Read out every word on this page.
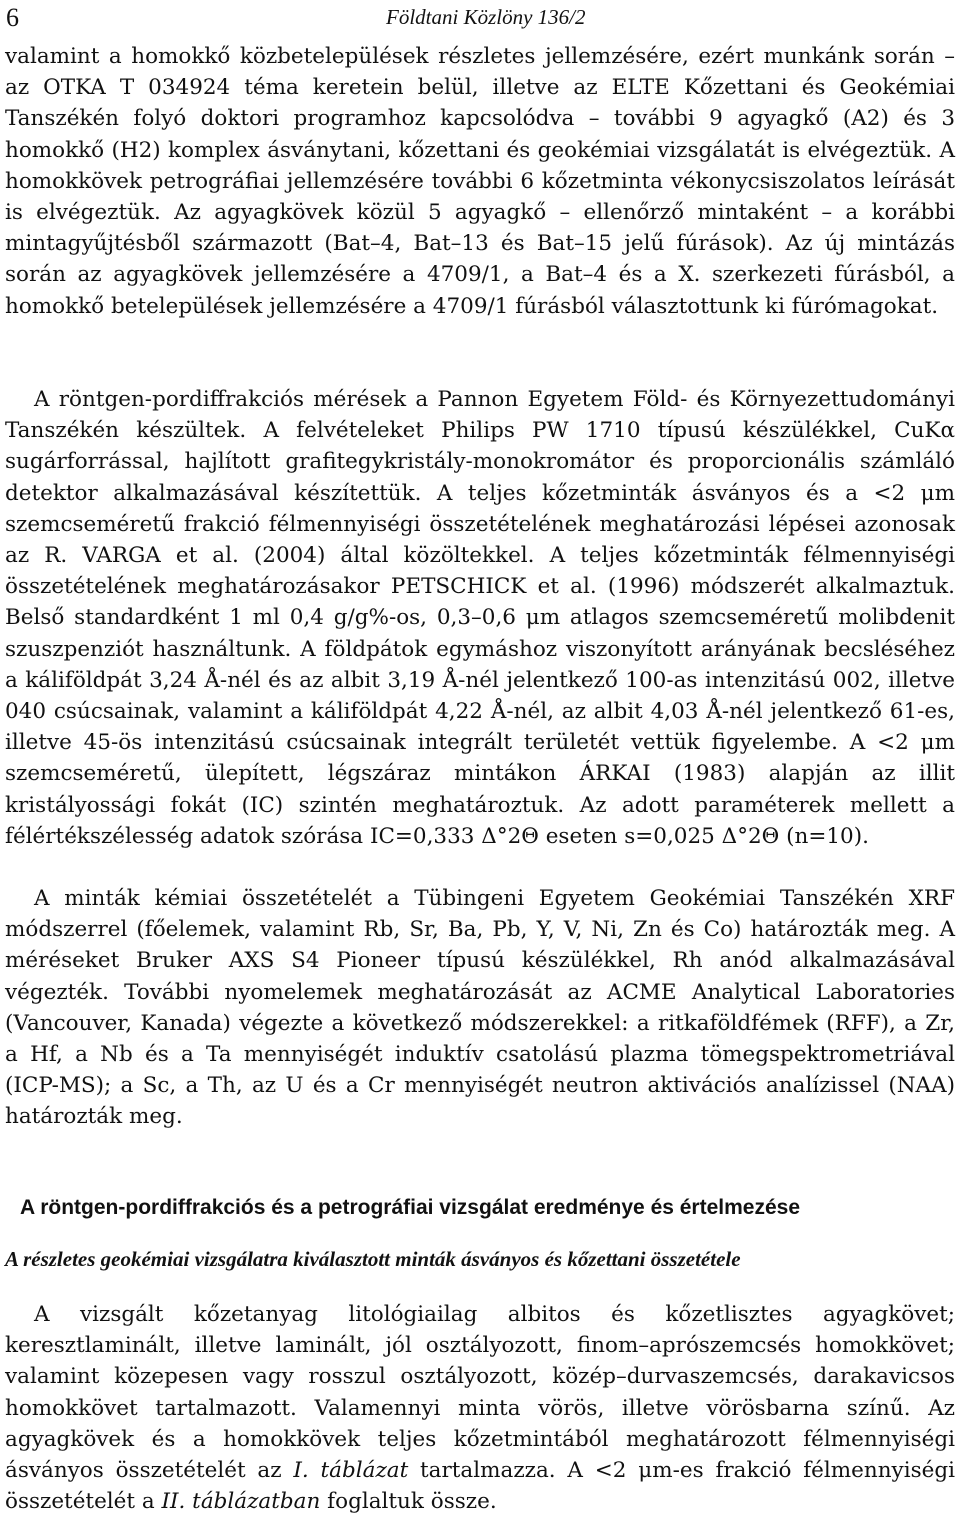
6	Földtani Közlöny 136/2

valamint a homokkő közbetelepülések részletes jellemzésére, ezért munkánk során – az OTKA T 034924 téma keretein belül, illetve az ELTE Kőzettani és Geokémiai Tanszékén folyó doktori programhoz kapcsolódva – további 9 agyagkő (A2) és 3 homokkő (H2) komplex ásványtani, kőzettani és geokémiai vizsgálatát is elvégeztük. A homokkövek petrográfiai jellemzésére további 6 kőzetminta vékonycsiszolatos leírását is elvégeztük. Az agyagkövek közül 5 agyagkő – ellenőrző mintaként – a korábbi mintagyűjtésből származott (Bat–4, Bat–13 és Bat–15 jelű fúrások). Az új mintázás során az agyagkövek jellemzésére a 4709/1, a Bat–4 és a X. szerkezeti fúrásból, a homokkő betelepülések jellemzésére a 4709/1 fúrásból választottunk ki fúrómagokat.

A röntgen-pordiffrakciós mérések a Pannon Egyetem Föld- és Környezettudományi Tanszékén készültek. A felvételeket Philips PW 1710 típusú készülékkel, CuKα sugárforrással, hajlított grafitegykristály-monokromátor és proporcionális számláló detektor alkalmazásával készítettük. A teljes kőzetminták ásványos és a <2 μm szemcseméretű frakció félmennyiségi összetételének meghatározási lépései azonosak az R. VARGA et al. (2004) által közöltekkel. A teljes kőzetminták félmennyiségi összetételének meghatározásakor PETSCHICK et al. (1996) módszerét alkalmaztuk. Belső standardként 1 ml 0,4 g/g%-os, 0,3–0,6 μm atlagos szemcseméretű molibdenit szuszpenziót használtunk. A földpátok egymáshoz viszonyított arányának becsléséhez a káliföldpát 3,24 Å-nél és az albit 3,19 Å-nél jelentkező 100-as intenzitású 002, illetve 040 csúcsainak, valamint a káliföldpát 4,22 Å-nél, az albit 4,03 Å-nél jelentkező 61-es, illetve 45-ös intenzitású csúcsainak integrált területét vettük figyelembe. A <2 μm szemcseméretű, ülepített, légszáraz mintákon ÁRKAI (1983) alapján az illit kristályossági fokát (IC) szintén meghatároztuk. Az adott paraméterek mellett a félértékszélesség adatok szórása IC=0,333 Δ°2Θ eseten s=0,025 Δ°2Θ (n=10).

A minták kémiai összetételét a Tübingeni Egyetem Geokémiai Tanszékén XRF módszerrel (főelemek, valamint Rb, Sr, Ba, Pb, Y, V, Ni, Zn és Co) határozták meg. A méréseket Bruker AXS S4 Pioneer típusú készülékkel, Rh anód alkalmazásával végezték. További nyomelemek meghatározását az ACME Analytical Laboratories (Vancouver, Kanada) végezte a következő módszerekkel: a ritkaföldfémek (RFF), a Zr, a Hf, a Nb és a Ta mennyiségét induktív csatolású plazma tömegspektrometriával (ICP-MS); a Sc, a Th, az U és a Cr mennyiségét neutron aktivációs analízissel (NAA) határozták meg.

A röntgen-pordiffrakciós és a petrográfiai vizsgálat eredménye és értelmezése
A részletes geokémiai vizsgálatra kiválasztott minták ásványos és kőzettani összetétele

A vizsgált kőzetanyag litológiailag albitos és kőzetlisztes agyagkövet; keresztlaminált, illetve laminált, jól osztályozott, finom–aprószemcsés homokkövet; valamint közepesen vagy rosszul osztályozott, közép–durvaszemcsés, darakavicsos homokkövet tartalmazott. Valamennyi minta vörös, illetve vörösbarna színű. Az agyagkövek és a homokkövek teljes kőzetmintából meghatározott félmennyiségi ásványos összetételét az I. táblázat tartalmazza. A <2 μm-es frakció félmennyiségi összetételét a II. táblázatban foglaltuk össze.
